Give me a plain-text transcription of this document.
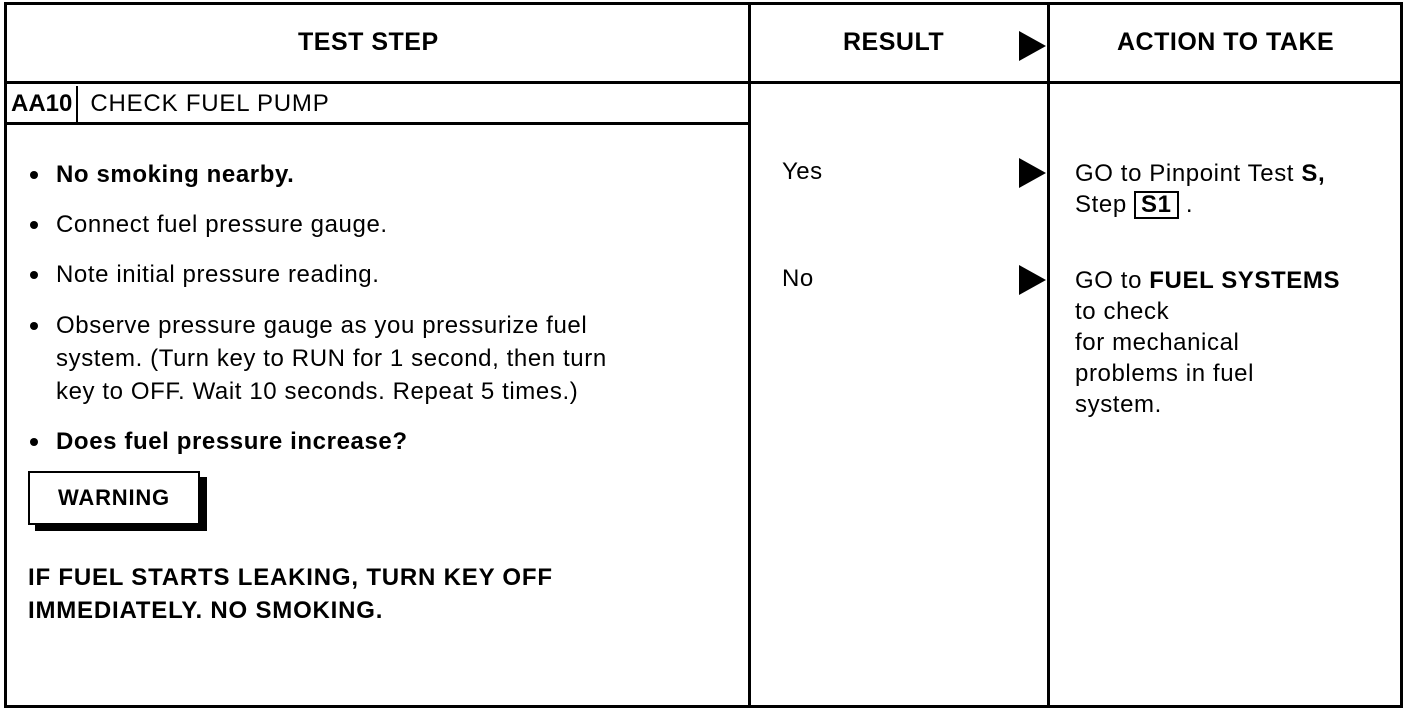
TEST STEP	RESULT	ACTION TO TAKE
AA10 CHECK FUEL PUMP
No smoking nearby.
Connect fuel pressure gauge.
Note initial pressure reading.
Observe pressure gauge as you pressurize fuel
system. (Turn key to RUN for 1 second, then turn
key to OFF. Wait 10 seconds. Repeat 5 times.)
Does fuel pressure increase?
WARNING
IF FUEL STARTS LEAKING, TURN KEY OFF
IMMEDIATELY. NO SMOKING.
Yes	GO to Pinpoint Test S,
Step S1 .
No	GO to FUEL SYSTEMS
to check
for mechanical
problems in fuel
system.
